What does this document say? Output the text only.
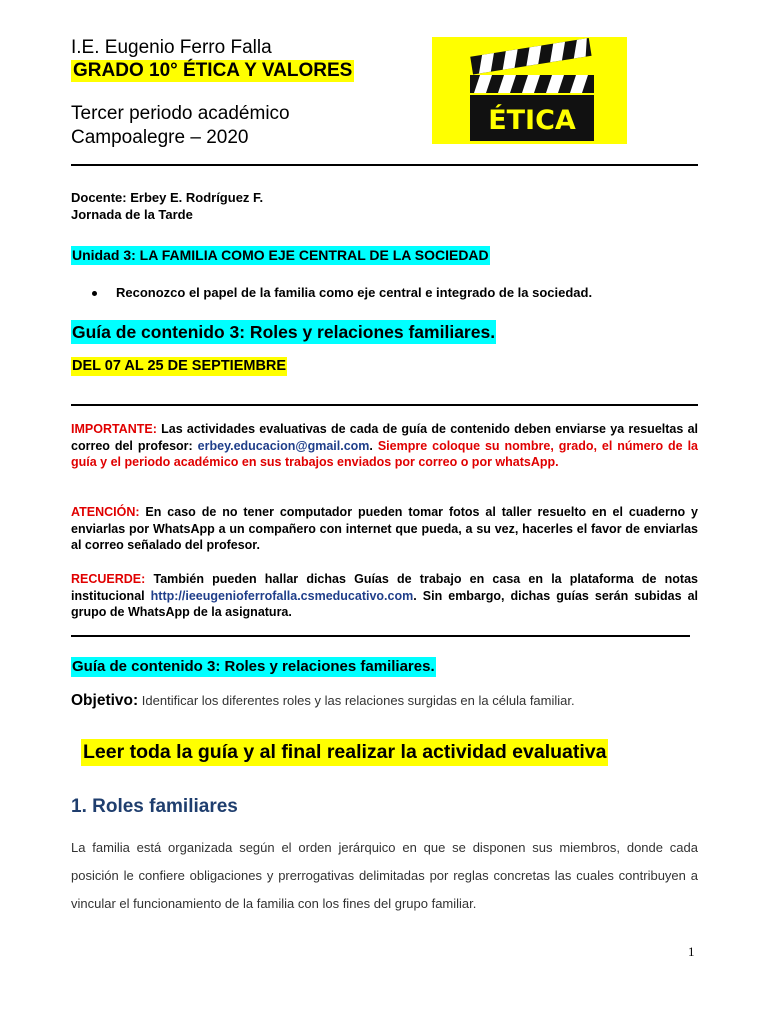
I.E. Eugenio Ferro Falla
GRADO 10° ÉTICA Y VALORES
Tercer periodo académico
Campoalegre – 2020
ÉTICA
Docente: Erbey E. Rodríguez F.
Jornada de la Tarde
Unidad 3: LA FAMILIA COMO EJE CENTRAL DE LA SOCIEDAD
Reconozco el papel de la familia como eje central e integrado de la sociedad.
Guía de contenido 3: Roles y relaciones familiares.
DEL 07 AL 25 DE SEPTIEMBRE
IMPORTANTE: Las actividades evaluativas de cada de guía de contenido deben enviarse ya resueltas al correo del profesor: erbey.educacion@gmail.com. Siempre coloque su nombre, grado, el número de la guía y el periodo académico en sus trabajos enviados por correo o por whatsApp.
ATENCIÓN: En caso de no tener computador pueden tomar fotos al taller resuelto en el cuaderno y enviarlas por WhatsApp a un compañero con internet que pueda, a su vez, hacerles el favor de enviarlas al correo señalado del profesor.
RECUERDE: También pueden hallar dichas Guías de trabajo en casa en la plataforma de notas institucional http://ieeugenioferrofalla.csmeducativo.com. Sin embargo, dichas guías serán subidas al grupo de WhatsApp de la asignatura.
Guía de contenido 3: Roles y relaciones familiares.
Objetivo: Identificar los diferentes roles y las relaciones surgidas en la célula familiar.
Leer toda la guía y al final realizar la actividad evaluativa
1. Roles familiares
La familia está organizada según el orden jerárquico en que se disponen sus miembros, donde cada posición le confiere obligaciones y prerrogativas delimitadas por reglas concretas las cuales contribuyen a vincular el funcionamiento de la familia con los fines del grupo familiar.
1
